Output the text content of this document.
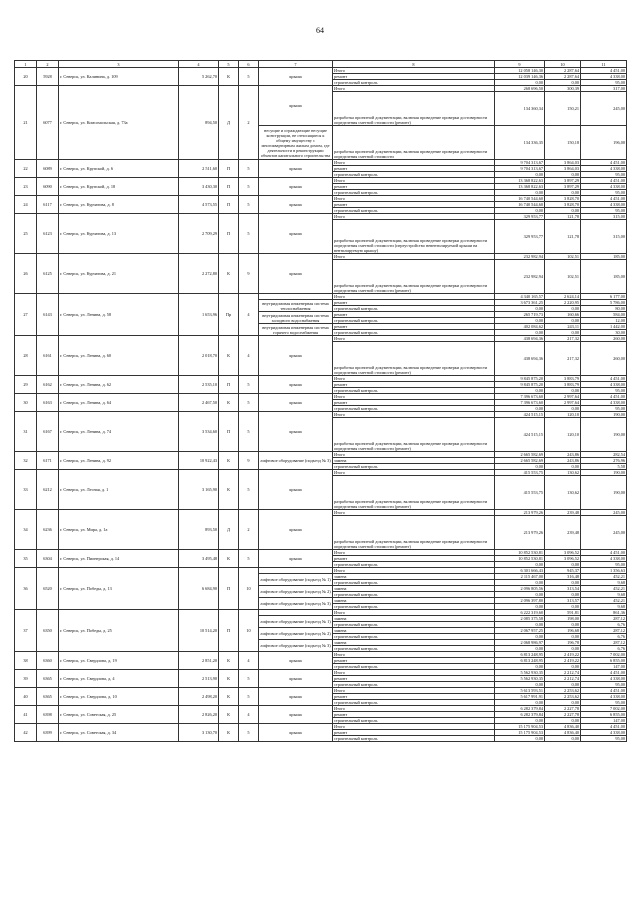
64
1	2	3	4	5	6	7	8	9	10	11
20	5928	г. Северск, ул. Калинина, д. 109	5 262,70	К	5	крыша	Итого	12 058 146,30	2 287,64	4 451,00
							ремонт	12 039 146,36	2 287,64	4 338,00
							строительный контроль	0,00	0,00	95,00
21	6077	г. Северск, ул. Комсомольская, д. 73а	894,50	Д	2	крыша	Итого	268 696,50	300,39	317,00
							разработка проектной документации, включая проведение проверки достоверности определения сметной стоимости (ремонт)	134 360,34	150,21	245,00
						несущие и ограждающие несущие конструкции, не относящиеся к общему имуществу с многоквартирным жилым домом, где деятельности в реконструкции объектов капитального строительства	разработка проектной документации, включая проведение проверки достоверности определения сметной стоимости	134 336,35	150,18	196,00
22	6089	г. Северск, ул. Крупской, д. 6	2 511,60	П	5	крыша	Итого	9 704 313,67	3 864,03	4 451,00
							ремонт	9 704 313,67	3 864,03	4 338,00
							строительный контроль	0,00	0,00	95,00
23	6090	г. Северск, ул. Крупской, д. 18	3 430,30	П	5	крыша	Итого	13 368 822,63	3 897,29	4 451,00
							ремонт	13 368 822,63	3 897,29	4 338,00
							строительный контроль	0,00	0,00	95,00
24	6117	г. Северск, ул. Курчатова, д. 8	4 573,55	П	5	крыша	Итого	16 740 544,60	3 828,70	4 451,00
							ремонт	16 740 544,60	3 828,70	4 338,00
							строительный контроль	0,00	0,00	95,00
25	6123	г. Северск, ул. Курчатова, д. 13	2 709,29	П	5	крыша	Итого	329 953,77	121,78	315,00
							разработка проектной документации, включая проведение проверки достоверности определения сметной стоимости (переустройство невентилируемой крыши на вентилируемую крышу)	329 953,77	121,78	315,00
26	6125	г. Северск, ул. Курчатова, д. 21	2 272,80	К	9	крыша	Итого	232 982,94	102,51	185,00
							разработка проектной документации, включая проведение проверки достоверности определения сметной стоимости (ремонт)	232 982,94	102,51	185,00
27	6143	г. Северск, ул. Ленина, д. 58	1 653,96	Пр	4		Итого	4 340 165,57	2 624,14	6 177,00
						внутридомовая инженерная система теплоснабжения	ремонт	3 673 361,25	2 220,95	5 786,00
							строительный контроль	0,00	0,00	80,00
						внутридомовая инженерная система холодного водоснабжения	ремонт	265 719,73	160,66	584,00
							строительный контроль	0,00	0,00	12,00
						внутридомовая инженерная система горячего водоснабжения	ремонт	402 084,62	243,11	1 442,00
							строительный контроль	0,00	0,00	30,00
28	6161	г. Северск, ул. Ленина, д. 60	2 018,70	К	4	крыша	Итого	438 694,36	217,32	260,00
							разработка проектной документации, включая проведение проверки достоверности определения сметной стоимости (ремонт)	438 694,36	217,32	260,00
29	6162	г. Северск, ул. Ленина, д. 62	2 535,10	П	5	крыша	Итого	9 845 875,20	3 883,79	4 451,00
							ремонт	9 845 875,20	3 883,79	4 338,00
							строительный контроль	0,00	0,00	95,00
30	6163	г. Северск, ул. Ленина, д. 64	2 467,50	К	5	крыша	Итого	7 396 673,60	2 997,64	4 451,00
							ремонт	7 396 673,60	2 997,64	4 338,00
							строительный контроль	0,00	0,00	95,00
31	6167	г. Северск, ул. Ленина, д. 74	3 534,60	П	5	крыша	Итого	424 515,15	120,10	190,00
							разработка проектной документации, включая проведение проверки достоверности определения сметной стоимости (ремонт)	424 515,15	120,10	190,00
32	6171	г. Северск, ул. Ленина, д. 92	10 922,43	К	9	лифтовое оборудование (подъезд № 3)	Итого	2 665 582,69	243,86	282,54
							замена	2 665 582,69	243,86	276,96
							строительный контроль	0,00	0,00	5,58
33	6212	г. Северск, ул. Лесная, д. 1	3 165,90	К	5	крыша	Итого	415 553,75	130,62	190,00
							разработка проектной документации, включая проведение проверки достоверности определения сметной стоимости (ремонт)	415 553,75	130,62	190,00
34	6236	г. Северск, ул. Мира, д. 1а	893,50	Д	2	крыша	Итого	213 979,26	239,48	245,00
							разработка проектной документации, включая проведение проверки достоверности определения сметной стоимости (ремонт)	213 979,26	239,48	245,00
35	6304	г. Северск, ул. Пионерская, д. 14	3 495,48	К	5	крыша	Итого	10 852 530,81	3 096,52	4 451,00
							ремонт	10 852 530,81	3 096,52	4 338,00
							строительный контроль	0,00	0,00	95,00
36	6520	г. Северск, ул. Победы, д. 13	6 684,90	П	10		Итого	6 301 666,43	945,37	1 356,63
						лифтовое оборудование (подъезд № 1)	замена	2 115 467,00	316,48	452,21
							строительный контроль	0,00	0,00	9,68
						лифтовое оборудование (подъезд № 2)	замена	2 096 805,56	313,54	452,21
							строительный контроль	0,00	0,00	9,68
						лифтовое оборудование (подъезд № 3)	замена	2 096 397,80	313,57	452,21
							строительный контроль	0,00	0,00	9,68
37	6350	г. Северск, ул. Победы, д. 25	10 514,20	П	10		Итого	6 222 319,60	591,81	861,36
						лифтовое оборудование (подъезд № 1)	замена	2 085 375,58	198,00	287,12
							строительный контроль	0,00	0,00	6,76
						лифтовое оборудование (подъезд № 2)	замена	2 067 957,25	196,68	287,12
							строительный контроль	0,00	0,00	6,76
						лифтовое оборудование (подъезд № 3)	замена	2 068 986,97	196,78	287,12
							строительный контроль	0,00	0,00	6,76
38	6360	г. Северск, ул. Свердлова, д. 19	2 851,20	К	4	крыша	Итого	6 813 248,95	2 419,22	7 002,00
							ремонт	6 813 248,95	2 419,22	6 855,00
							строительный контроль	0,00	0,00	147,00
39	6365	г. Северск, ул. Свердлова, д. 4	2 513,90	К	5	крыша	Итого	5 562 930,35	2 212,74	4 451,00
							ремонт	5 562 930,35	2 212,74	4 338,00
							строительный контроль	0,00	0,00	95,00
40	6365	г. Северск, ул. Свердлова, д. 10	2 498,20	К	5	крыша	Итого	5 613 593,51	2 253,62	4 451,00
							ремонт	5 617 991,91	2 253,62	4 338,00
							строительный контроль	0,00	0,00	95,00
41	6398	г. Северск, ул. Советская, д. 25	2 826,20	К	4	крыша	Итого	6 282 379,84	2 227,78	7 002,00
							ремонт	6 282 379,84	2 227,78	6 855,00
							строительный контроль	0,00	0,00	147,00
42	6399	г. Северск, ул. Советская, д. 34	3 130,70	К	5	крыша	Итого	15 175 904,53	4 836,40	4 451,00
							ремонт	15 175 904,53	4 836,40	4 338,00
							строительный контроль	0,00	0,00	95,00
